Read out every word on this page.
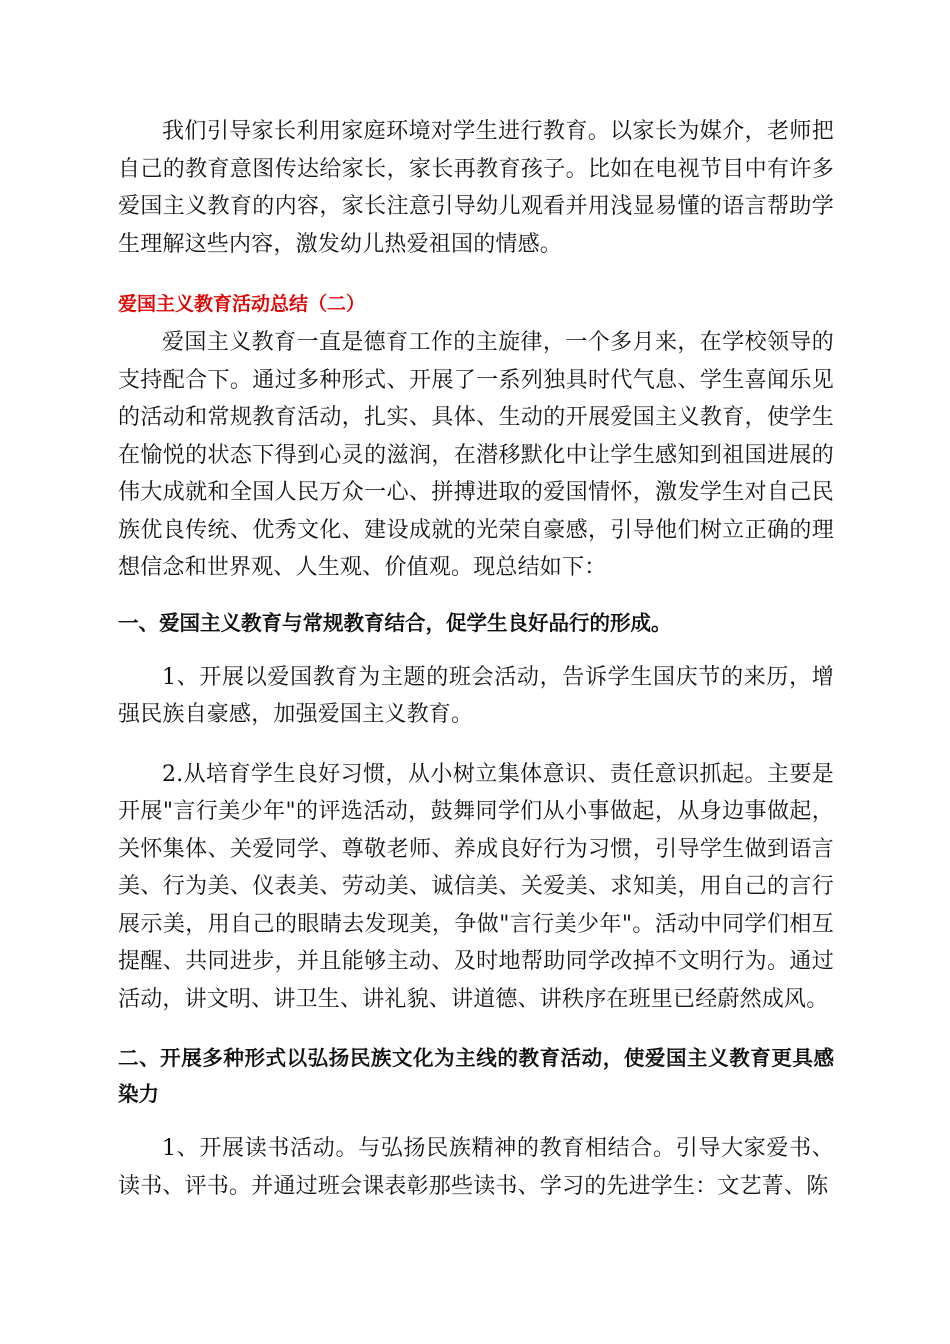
我们引导家长利用家庭环境对学生进行教育。以家长为媒介，老师把自己的教育意图传达给家长，家长再教育孩子。比如在电视节目中有许多爱国主义教育的内容，家长注意引导幼儿观看并用浅显易懂的语言帮助学生理解这些内容，激发幼儿热爱祖国的情感。

爱国主义教育活动总结（二）

爱国主义教育一直是德育工作的主旋律，一个多月来，在学校领导的支持配合下。通过多种形式、开展了一系列独具时代气息、学生喜闻乐见的活动和常规教育活动，扎实、具体、生动的开展爱国主义教育，使学生在愉悦的状态下得到心灵的滋润，在潜移默化中让学生感知到祖国进展的伟大成就和全国人民万众一心、拼搏进取的爱国情怀，激发学生对自己民族优良传统、优秀文化、建设成就的光荣自豪感，引导他们树立正确的理想信念和世界观、人生观、价值观。现总结如下：

一、爱国主义教育与常规教育结合，促学生良好品行的形成。

1、开展以爱国教育为主题的班会活动，告诉学生国庆节的来历，增强民族自豪感，加强爱国主义教育。

2.从培育学生良好习惯，从小树立集体意识、责任意识抓起。主要是开展"言行美少年"的评选活动，鼓舞同学们从小事做起，从身边事做起，关怀集体、关爱同学、尊敬老师、养成良好行为习惯，引导学生做到语言美、行为美、仪表美、劳动美、诚信美、关爱美、求知美，用自己的言行展示美，用自己的眼睛去发现美，争做"言行美少年"。活动中同学们相互提醒、共同进步，并且能够主动、及时地帮助同学改掉不文明行为。通过活动，讲文明、讲卫生、讲礼貌、讲道德、讲秩序在班里已经蔚然成风。

二、开展多种形式以弘扬民族文化为主线的教育活动，使爱国主义教育更具感染力

1、开展读书活动。与弘扬民族精神的教育相结合。引导大家爱书、读书、评书。并通过班会课表彰那些读书、学习的先进学生：文艺菁、陈
